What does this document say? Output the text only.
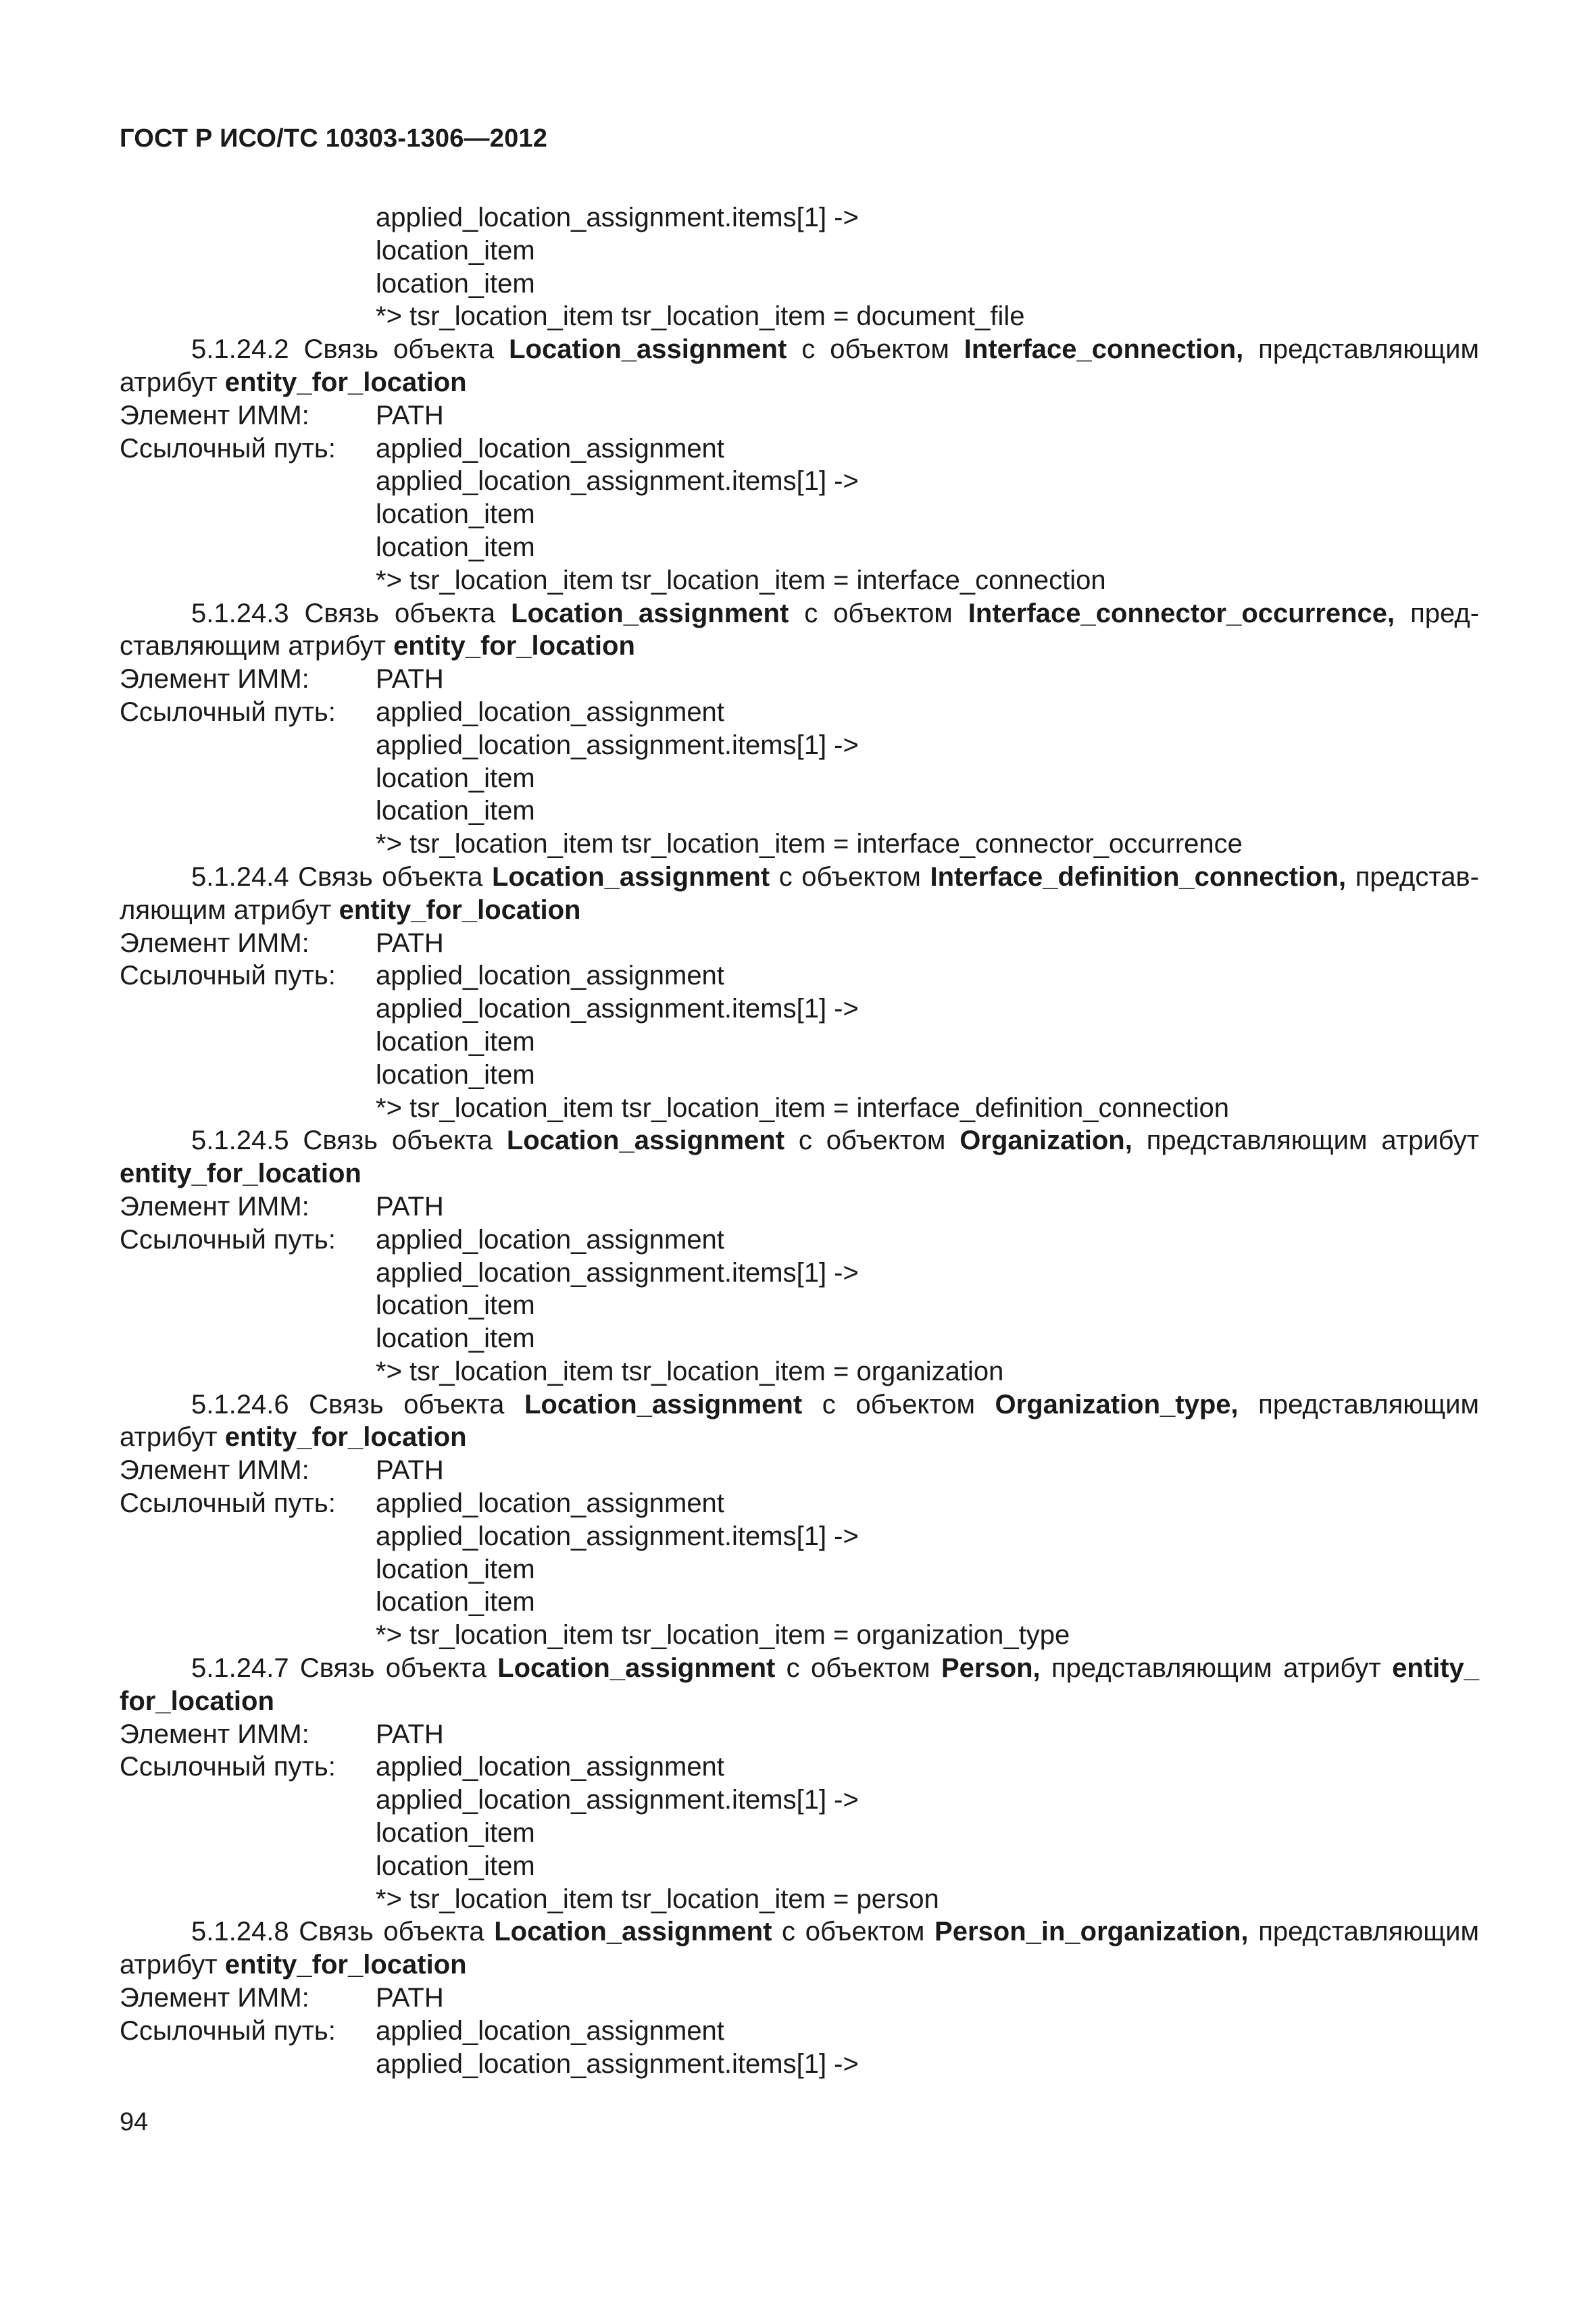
ГОСТ Р ИСО/ТС 10303-1306—2012
applied_location_assignment.items[1] ->
location_item
location_item
*> tsr_location_item tsr_location_item = document_file
5.1.24.2 Связь объекта Location_assignment с объектом Interface_connection, представляющим
атрибут entity_for_location
Элемент ИММ:	PATH
Ссылочный путь:	applied_location_assignment
applied_location_assignment.items[1] ->
location_item
location_item
*> tsr_location_item tsr_location_item = interface_connection
5.1.24.3 Связь объекта Location_assignment с объектом Interface_connector_occurrence, пред-
ставляющим атрибут entity_for_location
Элемент ИММ:	PATH
Ссылочный путь:	applied_location_assignment
applied_location_assignment.items[1] ->
location_item
location_item
*> tsr_location_item tsr_location_item = interface_connector_occurrence
5.1.24.4 Связь объекта Location_assignment с объектом Interface_definition_connection, представ-
ляющим атрибут entity_for_location
Элемент ИММ:	PATH
Ссылочный путь:	applied_location_assignment
applied_location_assignment.items[1] ->
location_item
location_item
*> tsr_location_item tsr_location_item = interface_definition_connection
5.1.24.5 Связь объекта Location_assignment с объектом Organization, представляющим атрибут
entity_for_location
Элемент ИММ:	PATH
Ссылочный путь:	applied_location_assignment
applied_location_assignment.items[1] ->
location_item
location_item
*> tsr_location_item tsr_location_item = organization
5.1.24.6 Связь объекта Location_assignment с объектом Organization_type, представляющим
атрибут entity_for_location
Элемент ИММ:	PATH
Ссылочный путь:	applied_location_assignment
applied_location_assignment.items[1] ->
location_item
location_item
*> tsr_location_item tsr_location_item = organization_type
5.1.24.7 Связь объекта Location_assignment с объектом Person, представляющим атрибут entity_
for_location
Элемент ИММ:	PATH
Ссылочный путь:	applied_location_assignment
applied_location_assignment.items[1] ->
location_item
location_item
*> tsr_location_item tsr_location_item = person
5.1.24.8 Связь объекта Location_assignment с объектом Person_in_organization, представляющим
атрибут entity_for_location
Элемент ИММ:	PATH
Ссылочный путь:	applied_location_assignment
applied_location_assignment.items[1] ->
94
